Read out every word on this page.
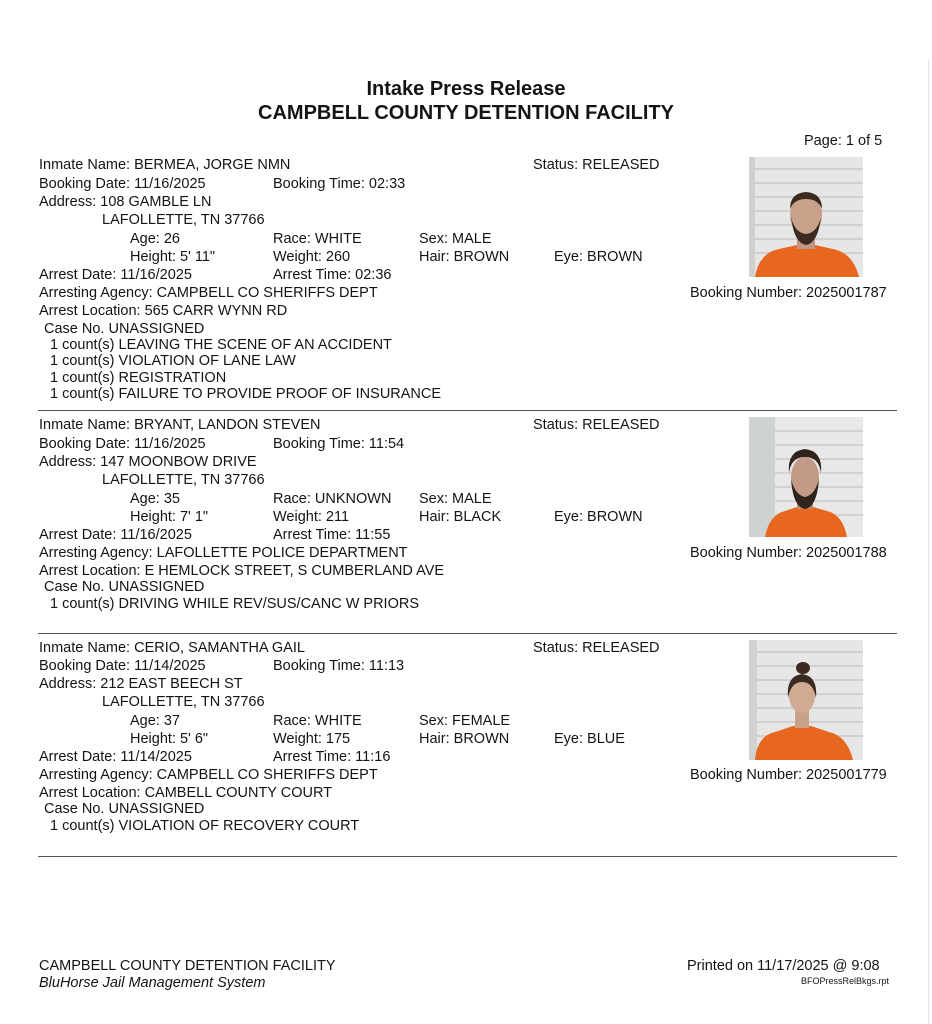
Intake Press Release
CAMPBELL COUNTY DETENTION FACILITY
Page: 1 of 5
Inmate Name: BERMEA, JORGE NMN	Status: RELEASED
Booking Date: 11/16/2025	Booking Time: 02:33
Address: 108 GAMBLE LN
LAFOLLETTE, TN 37766
Age: 26	Race: WHITE	Sex: MALE
Height: 5' 11"	Weight: 260	Hair: BROWN	Eye: BROWN
Arrest Date: 11/16/2025	Arrest Time: 02:36
Arresting Agency: CAMPBELL CO SHERIFFS DEPT	Booking Number: 2025001787
Arrest Location: 565 CARR WYNN RD
Case No. UNASSIGNED
1 count(s) LEAVING THE SCENE OF AN ACCIDENT
1 count(s) VIOLATION OF LANE LAW
1 count(s) REGISTRATION
1 count(s) FAILURE TO PROVIDE PROOF OF INSURANCE
Inmate Name: BRYANT, LANDON STEVEN	Status: RELEASED
Booking Date: 11/16/2025	Booking Time: 11:54
Address: 147 MOONBOW DRIVE
LAFOLLETTE, TN 37766
Age: 35	Race: UNKNOWN Sex: MALE
Height: 7' 1"	Weight: 211	Hair: BLACK	Eye: BROWN
Arrest Date: 11/16/2025	Arrest Time: 11:55
Arresting Agency: LAFOLLETTE POLICE DEPARTMENT	Booking Number: 2025001788
Arrest Location: E HEMLOCK STREET, S CUMBERLAND AVE
Case No. UNASSIGNED
1 count(s) DRIVING WHILE REV/SUS/CANC W PRIORS
Inmate Name: CERIO, SAMANTHA GAIL	Status: RELEASED
Booking Date: 11/14/2025	Booking Time: 11:13
Address: 212 EAST BEECH ST
LAFOLLETTE, TN 37766
Age: 37	Race: WHITE	Sex: FEMALE
Height: 5' 6"	Weight: 175	Hair: BROWN	Eye: BLUE
Arrest Date: 11/14/2025	Arrest Time: 11:16
Arresting Agency: CAMPBELL CO SHERIFFS DEPT	Booking Number: 2025001779
Arrest Location: CAMBELL COUNTY COURT
Case No. UNASSIGNED
1 count(s) VIOLATION OF RECOVERY COURT
CAMPBELL COUNTY DETENTION FACILITY
BluHorse Jail Management System
Printed on 11/17/2025 @ 9:08
BFOPressRelBkgs.rpt
